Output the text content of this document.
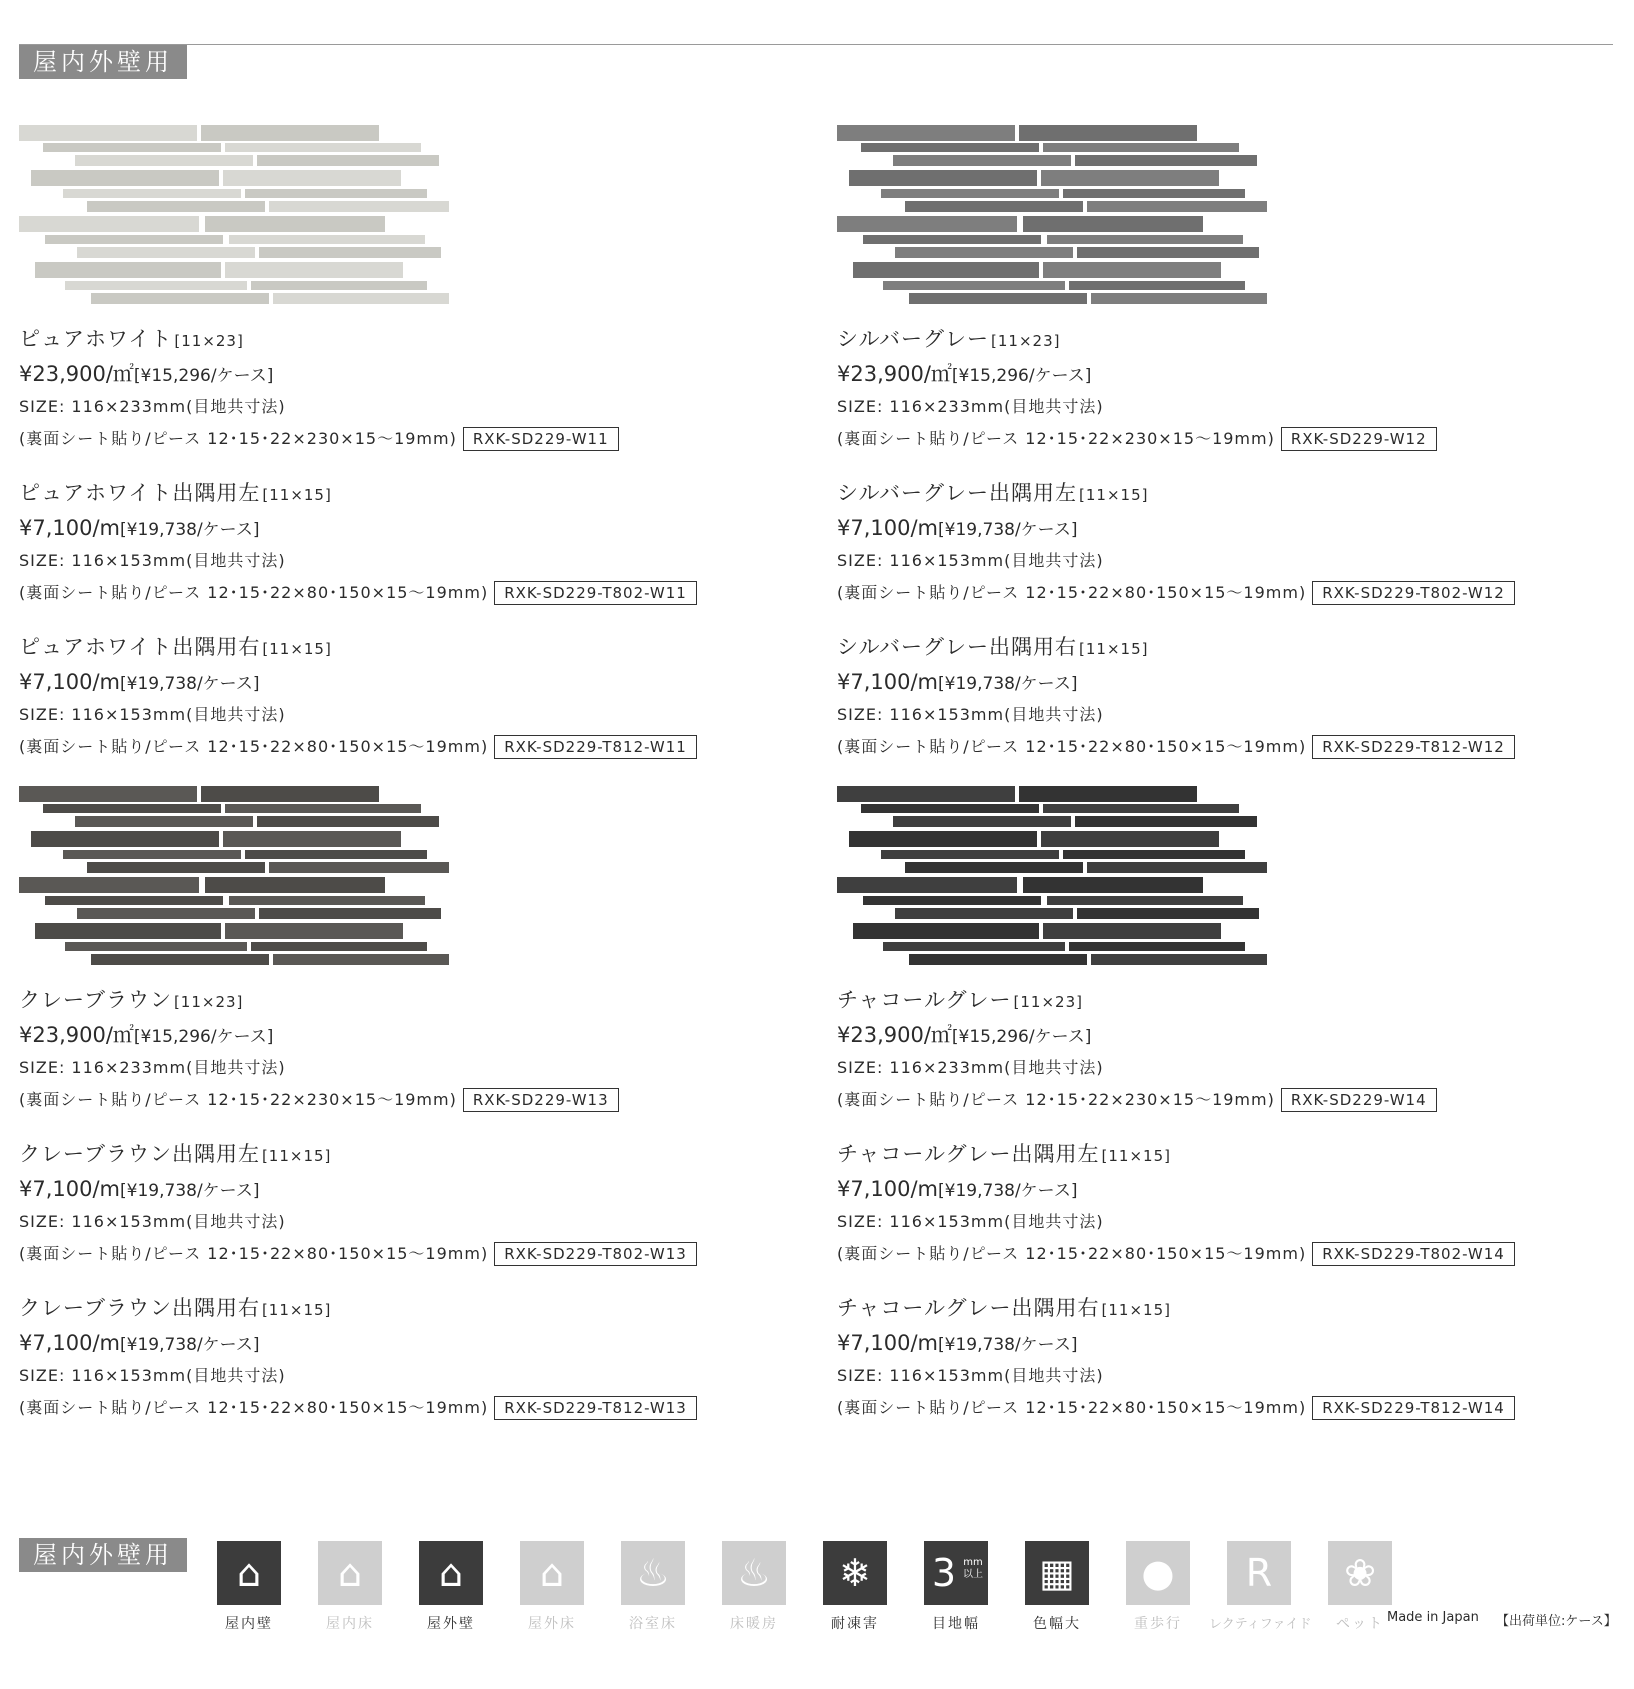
屋内外壁用
ピュアホワイト [11×23]
¥23,900/㎡[¥15,296/ケース]
SIZE: 116×233mm(目地共寸法)
(裏面シート貼り/ピース 12･15･22×230×15〜19mm) RXK-SD229-W11
ピュアホワイト出隅用左 [11×15]
¥7,100/m[¥19,738/ケース]
SIZE: 116×153mm(目地共寸法)
(裏面シート貼り/ピース 12･15･22×80･150×15〜19mm) RXK-SD229-T802-W11
ピュアホワイト出隅用右 [11×15]
¥7,100/m[¥19,738/ケース]
SIZE: 116×153mm(目地共寸法)
(裏面シート貼り/ピース 12･15･22×80･150×15〜19mm) RXK-SD229-T812-W11
シルバーグレー [11×23]
¥23,900/㎡[¥15,296/ケース]
SIZE: 116×233mm(目地共寸法)
(裏面シート貼り/ピース 12･15･22×230×15〜19mm) RXK-SD229-W12
シルバーグレー出隅用左 [11×15]
¥7,100/m[¥19,738/ケース]
SIZE: 116×153mm(目地共寸法)
(裏面シート貼り/ピース 12･15･22×80･150×15〜19mm) RXK-SD229-T802-W12
シルバーグレー出隅用右 [11×15]
¥7,100/m[¥19,738/ケース]
SIZE: 116×153mm(目地共寸法)
(裏面シート貼り/ピース 12･15･22×80･150×15〜19mm) RXK-SD229-T812-W12
クレーブラウン [11×23]
¥23,900/㎡[¥15,296/ケース]
SIZE: 116×233mm(目地共寸法)
(裏面シート貼り/ピース 12･15･22×230×15〜19mm) RXK-SD229-W13
クレーブラウン出隅用左 [11×15]
¥7,100/m[¥19,738/ケース]
SIZE: 116×153mm(目地共寸法)
(裏面シート貼り/ピース 12･15･22×80･150×15〜19mm) RXK-SD229-T802-W13
クレーブラウン出隅用右 [11×15]
¥7,100/m[¥19,738/ケース]
SIZE: 116×153mm(目地共寸法)
(裏面シート貼り/ピース 12･15･22×80･150×15〜19mm) RXK-SD229-T812-W13
チャコールグレー [11×23]
¥23,900/㎡[¥15,296/ケース]
SIZE: 116×233mm(目地共寸法)
(裏面シート貼り/ピース 12･15･22×230×15〜19mm) RXK-SD229-W14
チャコールグレー出隅用左 [11×15]
¥7,100/m[¥19,738/ケース]
SIZE: 116×153mm(目地共寸法)
(裏面シート貼り/ピース 12･15･22×80･150×15〜19mm) RXK-SD229-T802-W14
チャコールグレー出隅用右 [11×15]
¥7,100/m[¥19,738/ケース]
SIZE: 116×153mm(目地共寸法)
(裏面シート貼り/ピース 12･15･22×80･150×15〜19mm) RXK-SD229-T812-W14
屋内外壁用	⌂
屋内壁
⌂
屋内床
⌂
屋外壁
⌂
屋外床
♨
浴室床
♨
床暖房
❄
耐凍害
3 mm 以上
目地幅
▦
色幅大
●
重歩行
R
レクティファイド
❀
ペット Made in Japan 【出荷単位:ケース】
